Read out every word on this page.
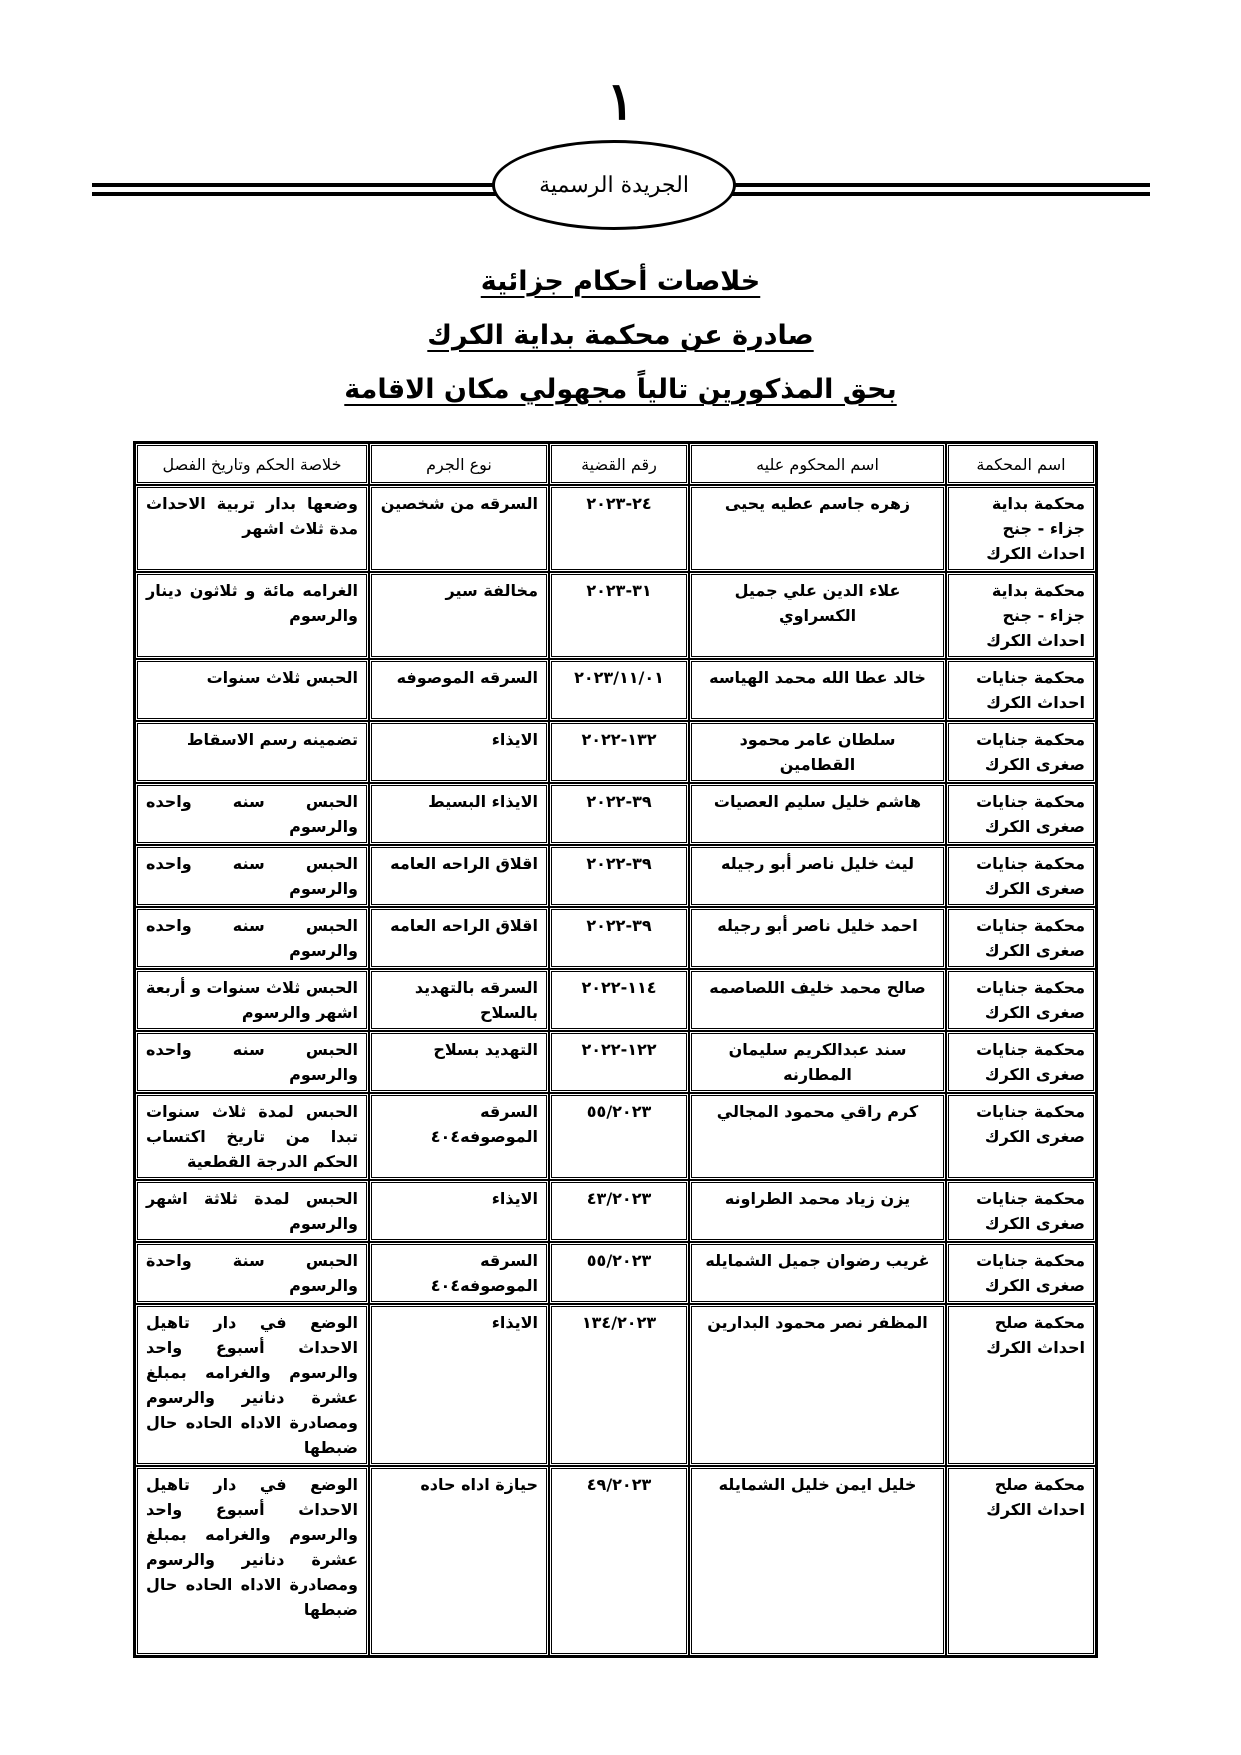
١
الجريدة الرسمية
خلاصات أحكام جزائية
صادرة عن محكمة بداية الكرك
بحق المذكورين تالياً مجهولي مكان الاقامة
اسم المحكمة	اسم المحكوم عليه	رقم القضية	نوع الجرم	خلاصة الحكم وتاريخ الفصل
محكمة بداية جزاء - جنح احداث الكرك	زهره جاسم عطيه يحيى	٢٤-٢٠٢٣	السرقه من شخصين	وضعها بدار تربية الاحداث مدة ثلاث اشهر
محكمة بداية جزاء - جنح احداث الكرك	علاء الدين علي جميل الكسراوي	٣١-٢٠٢٣	مخالفة سير	الغرامه مائة و ثلاثون دينار والرسوم
محكمة جنايات احداث الكرك	خالد عطا الله محمد الهياسه	٢٠٢٣/١١/٠١	السرقه الموصوفه	الحبس ثلاث سنوات
محكمة جنايات صغرى الكرك	سلطان عامر محمود القطامين	١٣٢-٢٠٢٢	الايذاء	تضمينه رسم الاسقاط
محكمة جنايات صغرى الكرك	هاشم خليل سليم العصيات	٣٩-٢٠٢٢	الايذاء البسيط	الحبس سنه واحده والرسوم
محكمة جنايات صغرى الكرك	ليث خليل ناصر أبو رجيله	٣٩-٢٠٢٢	اقلاق الراحه العامه	الحبس سنه واحده والرسوم
محكمة جنايات صغرى الكرك	احمد خليل ناصر أبو رجيله	٣٩-٢٠٢٢	اقلاق الراحه العامه	الحبس سنه واحده والرسوم
محكمة جنايات صغرى الكرك	صالح محمد خليف اللصاصمه	١١٤-٢٠٢٢	السرقه بالتهديد بالسلاح	الحبس ثلاث سنوات و أربعة اشهر والرسوم
محكمة جنايات صغرى الكرك	سند عبدالكريم سليمان المطارنه	١٢٢-٢٠٢٢	التهديد بسلاح	الحبس سنه واحده والرسوم
محكمة جنايات صغرى الكرك	كرم راقي محمود المجالي	٥٥/٢٠٢٣	السرقه الموصوفه٤٠٤	الحبس لمدة ثلاث سنوات تبدا من تاريخ اكتساب الحكم الدرجة القطعية
محكمة جنايات صغرى الكرك	يزن زياد محمد الطراونه	٤٣/٢٠٢٣	الايذاء	الحبس لمدة ثلاثة اشهر والرسوم
محكمة جنايات صغرى الكرك	غريب رضوان جميل الشمايله	٥٥/٢٠٢٣	السرقه الموصوفه٤٠٤	الحبس سنة واحدة والرسوم
محكمة صلح احداث الكرك	المظفر نصر محمود البدارين	١٣٤/٢٠٢٣	الايذاء	الوضع في دار تاهيل الاحداث أسبوع واحد والرسوم والغرامه بمبلغ عشرة دنانير والرسوم ومصادرة الاداه الحاده حال ضبطها
محكمة صلح احداث الكرك	خليل ايمن خليل الشمايله	٤٩/٢٠٢٣	حيازة اداه حاده	الوضع في دار تاهيل الاحداث أسبوع واحد والرسوم والغرامه بمبلغ عشرة دنانير والرسوم ومصادرة الاداه الحاده حال ضبطها
